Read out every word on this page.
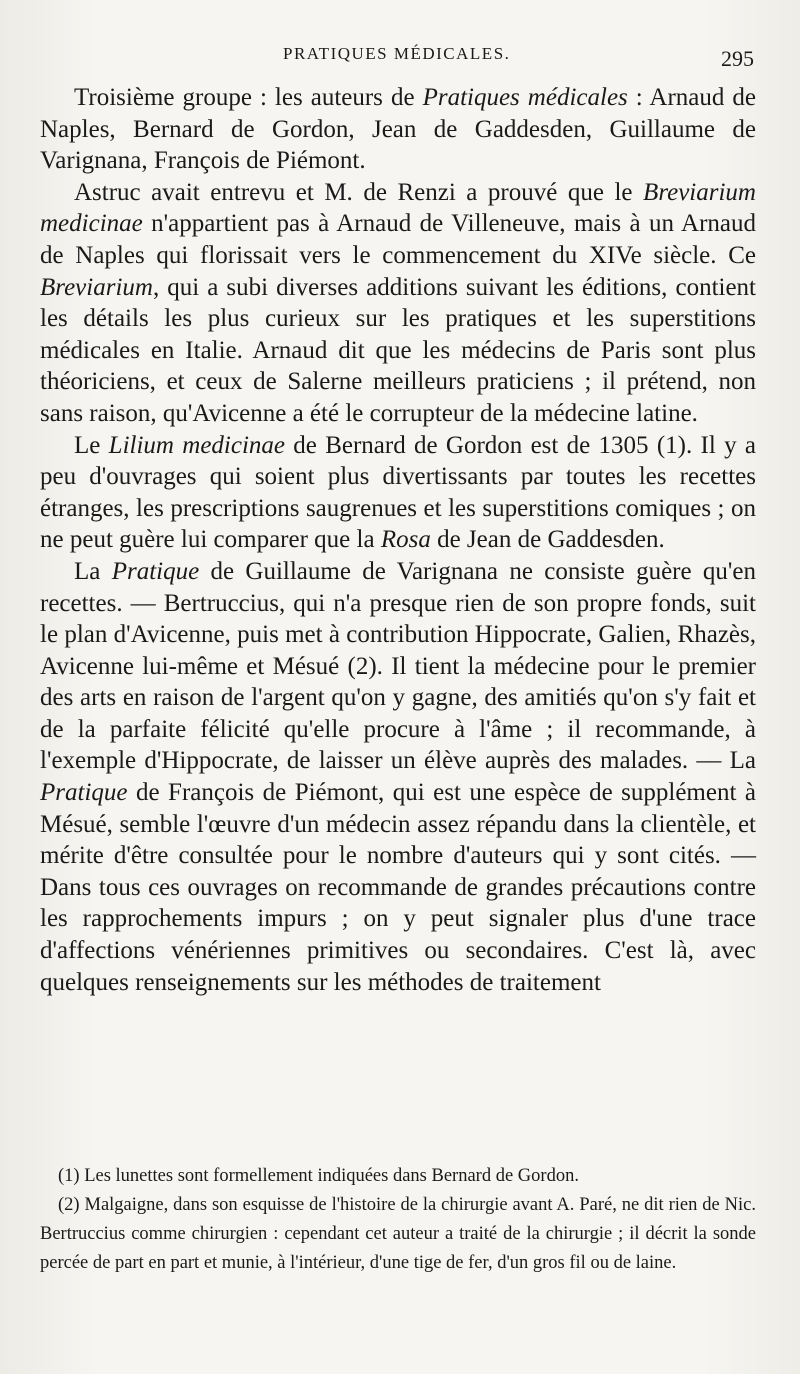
PRATIQUES MÉDICALES.	295

Troisième groupe : les auteurs de Pratiques médicales : Arnaud de Naples, Bernard de Gordon, Jean de Gaddesden, Guillaume de Varignana, François de Piémont.

Astruc avait entrevu et M. de Renzi a prouvé que le Breviarium medicinae n'appartient pas à Arnaud de Villeneuve, mais à un Arnaud de Naples qui florissait vers le commencement du XIVe siècle. Ce Breviarium, qui a subi diverses additions suivant les éditions, contient les détails les plus curieux sur les pratiques et les superstitions médicales en Italie. Arnaud dit que les médecins de Paris sont plus théoriciens, et ceux de Salerne meilleurs praticiens ; il prétend, non sans raison, qu'Avicenne a été le corrupteur de la médecine latine.

Le Lilium medicinae de Bernard de Gordon est de 1305 (1). Il y a peu d'ouvrages qui soient plus divertissants par toutes les recettes étranges, les prescriptions saugrenues et les superstitions comiques ; on ne peut guère lui comparer que la Rosa de Jean de Gaddesden.

La Pratique de Guillaume de Varignana ne consiste guère qu'en recettes. — Bertruccius, qui n'a presque rien de son propre fonds, suit le plan d'Avicenne, puis met à contribution Hippocrate, Galien, Rhazès, Avicenne lui-même et Mésué (2). Il tient la médecine pour le premier des arts en raison de l'argent qu'on y gagne, des amitiés qu'on s'y fait et de la parfaite félicité qu'elle procure à l'âme ; il recommande, à l'exemple d'Hippocrate, de laisser un élève auprès des malades. — La Pratique de François de Piémont, qui est une espèce de supplément à Mésué, semble l'œuvre d'un médecin assez répandu dans la clientèle, et mérite d'être consultée pour le nombre d'auteurs qui y sont cités. — Dans tous ces ouvrages on recommande de grandes précautions contre les rapprochements impurs ; on y peut signaler plus d'une trace d'affections vénériennes primitives ou secondaires. C'est là, avec quelques renseignements sur les méthodes de traitement

(1) Les lunettes sont formellement indiquées dans Bernard de Gordon.

(2) Malgaigne, dans son esquisse de l'histoire de la chirurgie avant A. Paré, ne dit rien de Nic. Bertruccius comme chirurgien : cependant cet auteur a traité de la chirurgie ; il décrit la sonde percée de part en part et munie, à l'intérieur, d'une tige de fer, d'un gros fil ou de laine.
